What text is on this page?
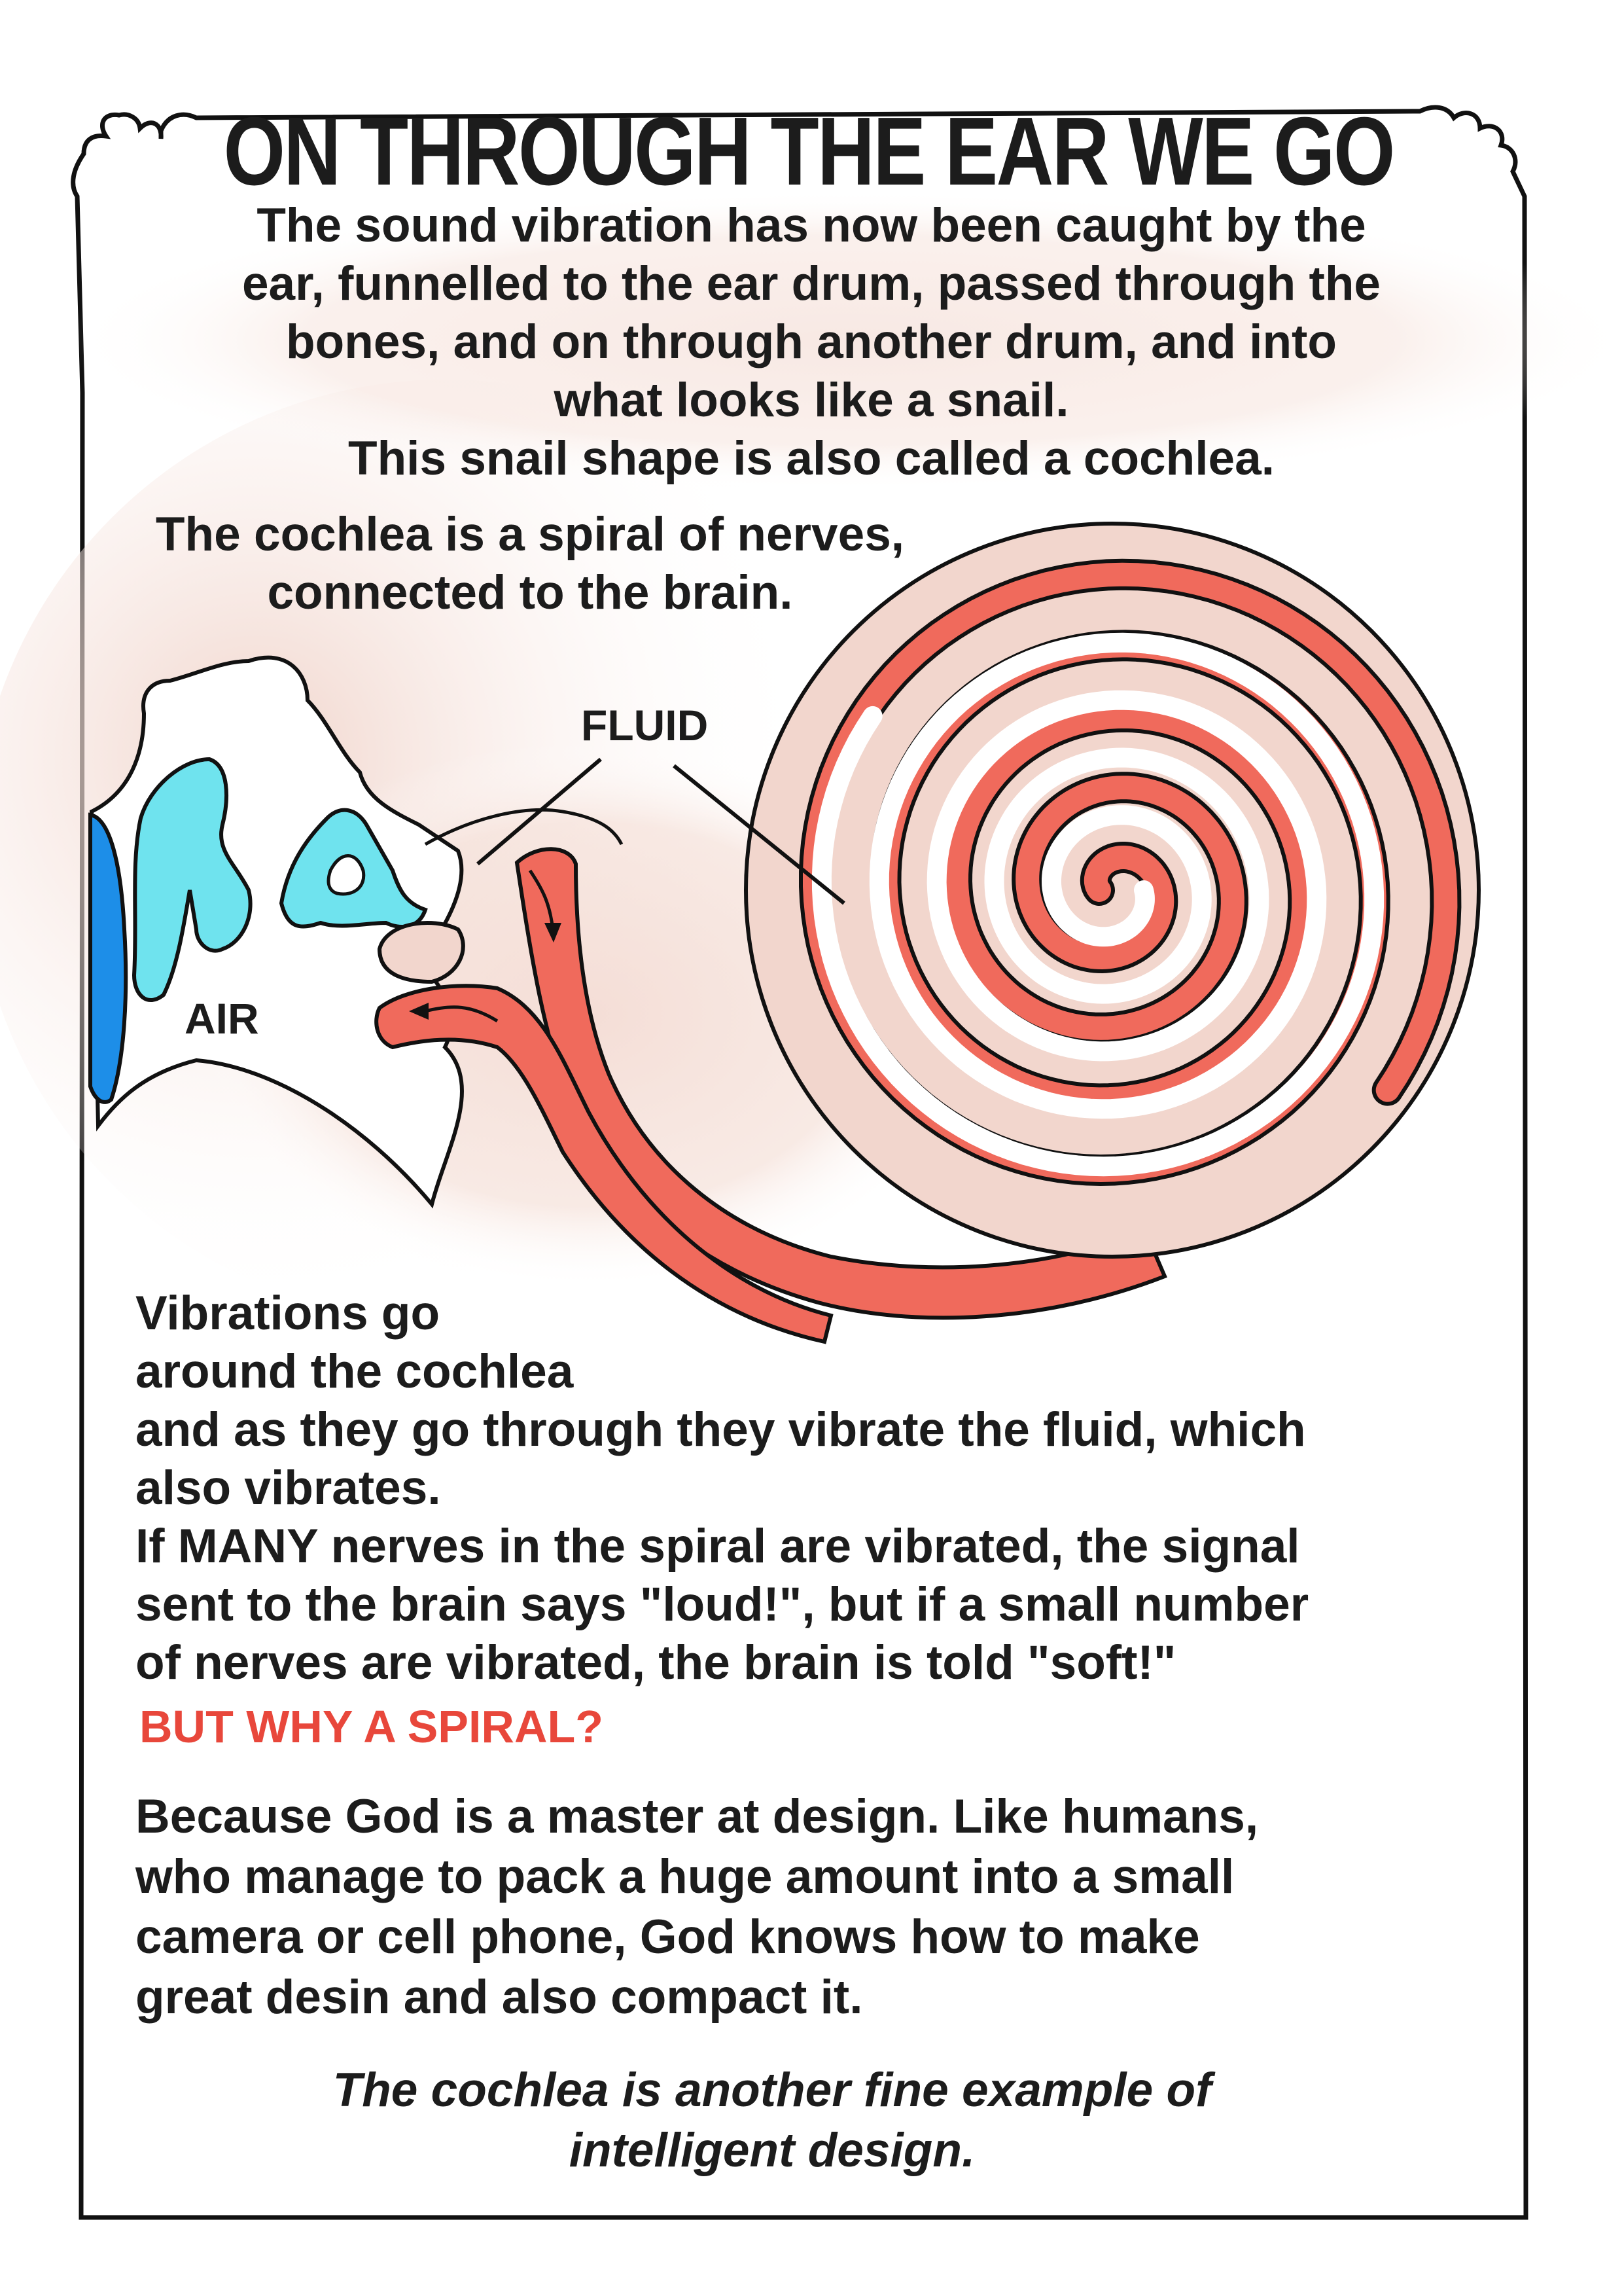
ON THROUGH THE EAR WE GO

The sound vibration has now been caught by the

ear, funnelled to the ear drum, passed through the

bones, and on through another drum, and into

what looks like a snail.

This snail shape is also called a cochlea.

The cochlea is a spiral of nerves,

connected to the brain.

FLUID
AIR

Vibrations go

around the cochlea

and as they go through they vibrate the fluid, which

also vibrates.

If MANY nerves in the spiral are vibrated, the signal

sent to the brain says "loud!", but if a small number

of nerves are vibrated, the brain is told "soft!"

BUT WHY A SPIRAL?

Because God is a master at design. Like humans,

who manage to pack a huge amount into a small

camera or cell phone, God knows how to make

great desin and also compact it.

The cochlea is another fine example of

intelligent design.
